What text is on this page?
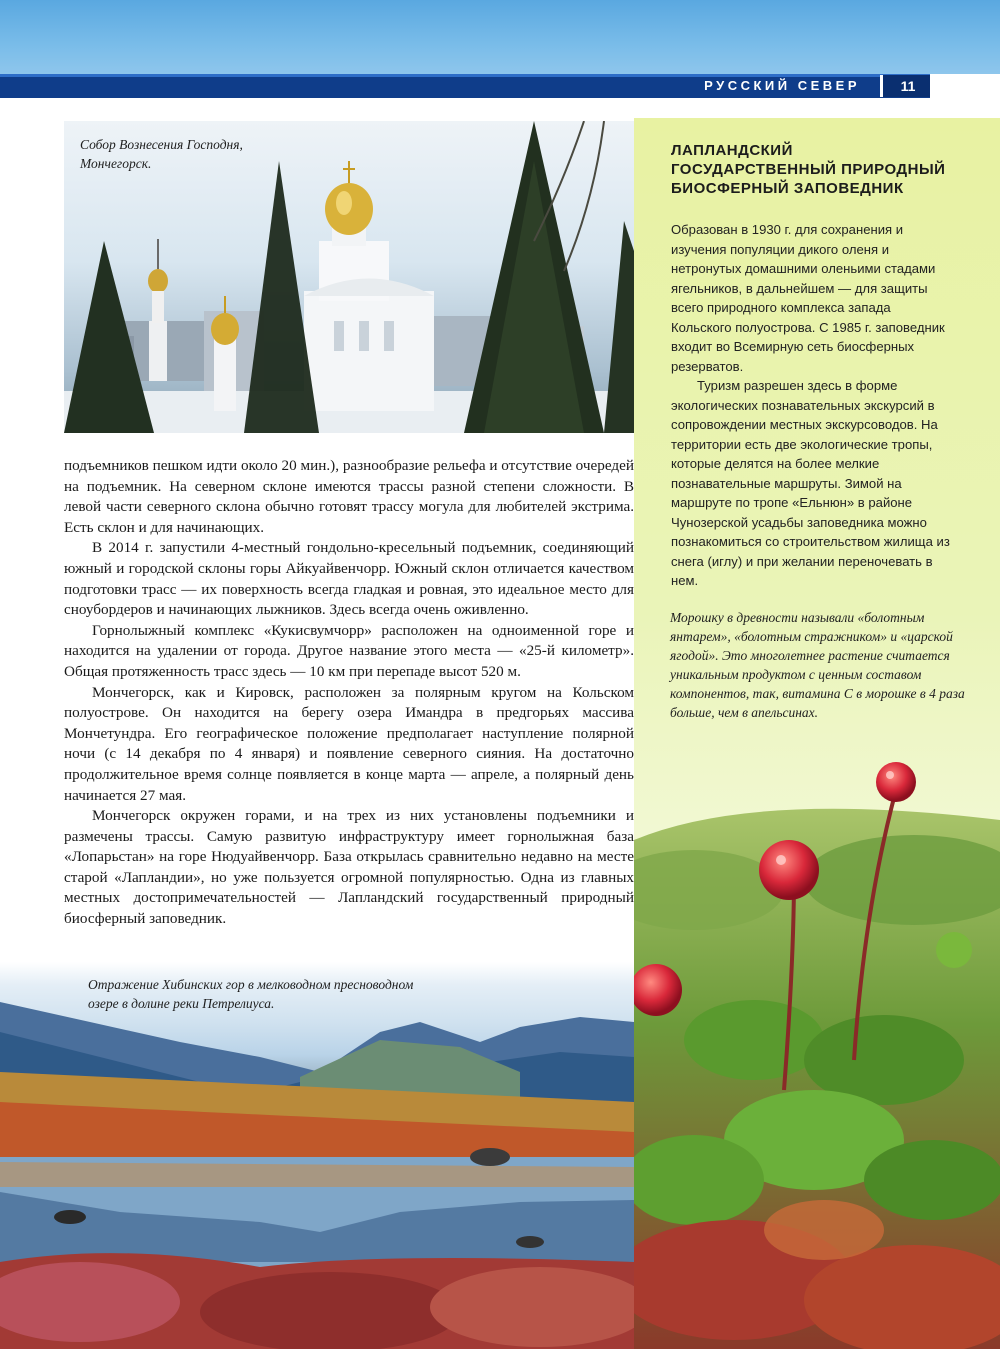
РУССКИЙ СЕВЕР	11

Собор Вознесения Господня, Мончегорск.

подъемников пешком идти около 20 мин.), разнообразие рельефа и отсутствие очередей на подъемник. На северном склоне имеются трассы разной степени сложности. В левой части северного склона обычно готовят трассу могула для любителей экстрима. Есть склон и для начинающих.

В 2014 г. запустили 4-местный гондольно-кресельный подъемник, соединяющий южный и городской склоны горы Айкуайвенчорр. Южный склон отличается качеством подготовки трасс — их поверхность всегда гладкая и ровная, это идеальное место для сноубордеров и начинающих лыжников. Здесь всегда очень оживленно.

Горнолыжный комплекс «Кукисвумчорр» расположен на одноименной горе и находится на удалении от города. Другое название этого места — «25-й километр». Общая протяженность трасс здесь — 10 км при перепаде высот 520 м.

Мончегорск, как и Кировск, расположен за полярным кругом на Кольском полуострове. Он находится на берегу озера Имандра в предгорьях массива Мончетундра. Его географическое положение предполагает наступление полярной ночи (с 14 декабря по 4 января) и появление северного сияния. На достаточно продолжительное время солнце появляется в конце марта — апреле, а полярный день начинается 27 мая.

Мончегорск окружен горами, и на трех из них установлены подъемники и размечены трассы. Самую развитую инфраструктуру имеет горнолыжная база «Лопарьстан» на горе Нюдуайвенчорр. База открылась сравнительно недавно на месте старой «Лапландии», но уже пользуется огромной популярностью. Одна из главных местных достопримечательностей — Лапландский государственный природный биосферный заповедник.

ЛАПЛАНДСКИЙ ГОСУДАРСТВЕННЫЙ ПРИРОДНЫЙ БИОСФЕРНЫЙ ЗАПОВЕДНИК

Образован в 1930 г. для сохранения и изучения популяции дикого оленя и нетронутых домашними оленьими стадами ягельников, в дальнейшем — для защиты всего природного комплекса запада Кольского полуострова. С 1985 г. заповедник входит во Всемирную сеть биосферных резерватов.

Туризм разрешен здесь в форме экологических познавательных экскурсий в сопровождении местных экскурсоводов. На территории есть две экологические тропы, которые делятся на более мелкие познавательные маршруты. Зимой на маршруте по тропе «Ельнюн» в районе Чунозерской усадьбы заповедника можно познакомиться со строительством жилища из снега (иглу) и при желании переночевать в нем.

Морошку в древности называли «болотным янтарем», «болотным стражником» и «царской ягодой». Это многолетнее растение считается уникальным продуктом с ценным составом компонентов, так, витамина С в морошке в 4 раза больше, чем в апельсинах.

Отражение Хибинских гор в мелководном пресноводном озере в долине реки Петрелиуса.
